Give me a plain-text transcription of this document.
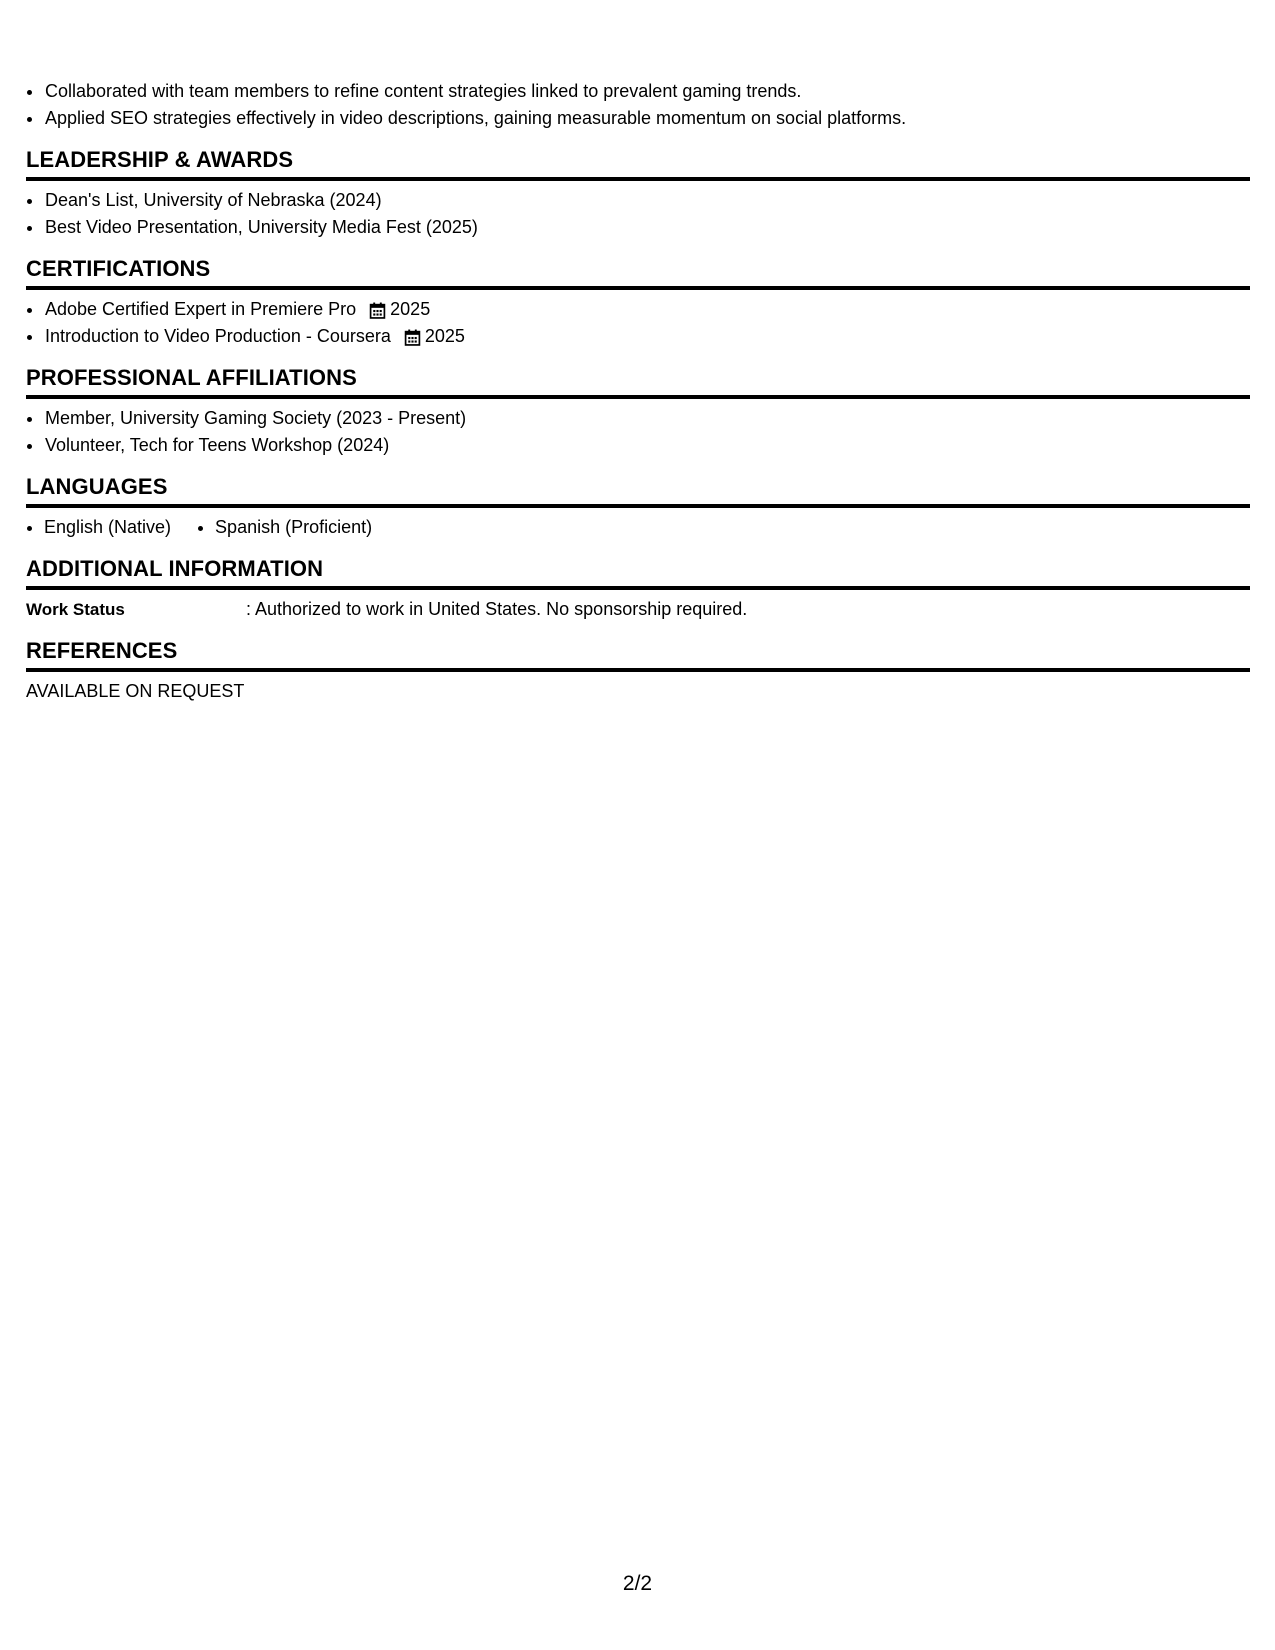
• Collaborated with team members to refine content strategies linked to prevalent gaming trends.
• Applied SEO strategies effectively in video descriptions, gaining measurable momentum on social platforms.
LEADERSHIP & AWARDS
• Dean's List, University of Nebraska (2024)
• Best Video Presentation, University Media Fest (2025)
CERTIFICATIONS
• Adobe Certified Expert in Premiere Pro 2025
• Introduction to Video Production - Coursera 2025
PROFESSIONAL AFFILIATIONS
• Member, University Gaming Society (2023 - Present)
• Volunteer, Tech for Teens Workshop (2024)
LANGUAGES
• English (Native)
• Spanish (Proficient)
ADDITIONAL INFORMATION
Work Status	: Authorized to work in United States. No sponsorship required.
REFERENCES
AVAILABLE ON REQUEST
2/2
